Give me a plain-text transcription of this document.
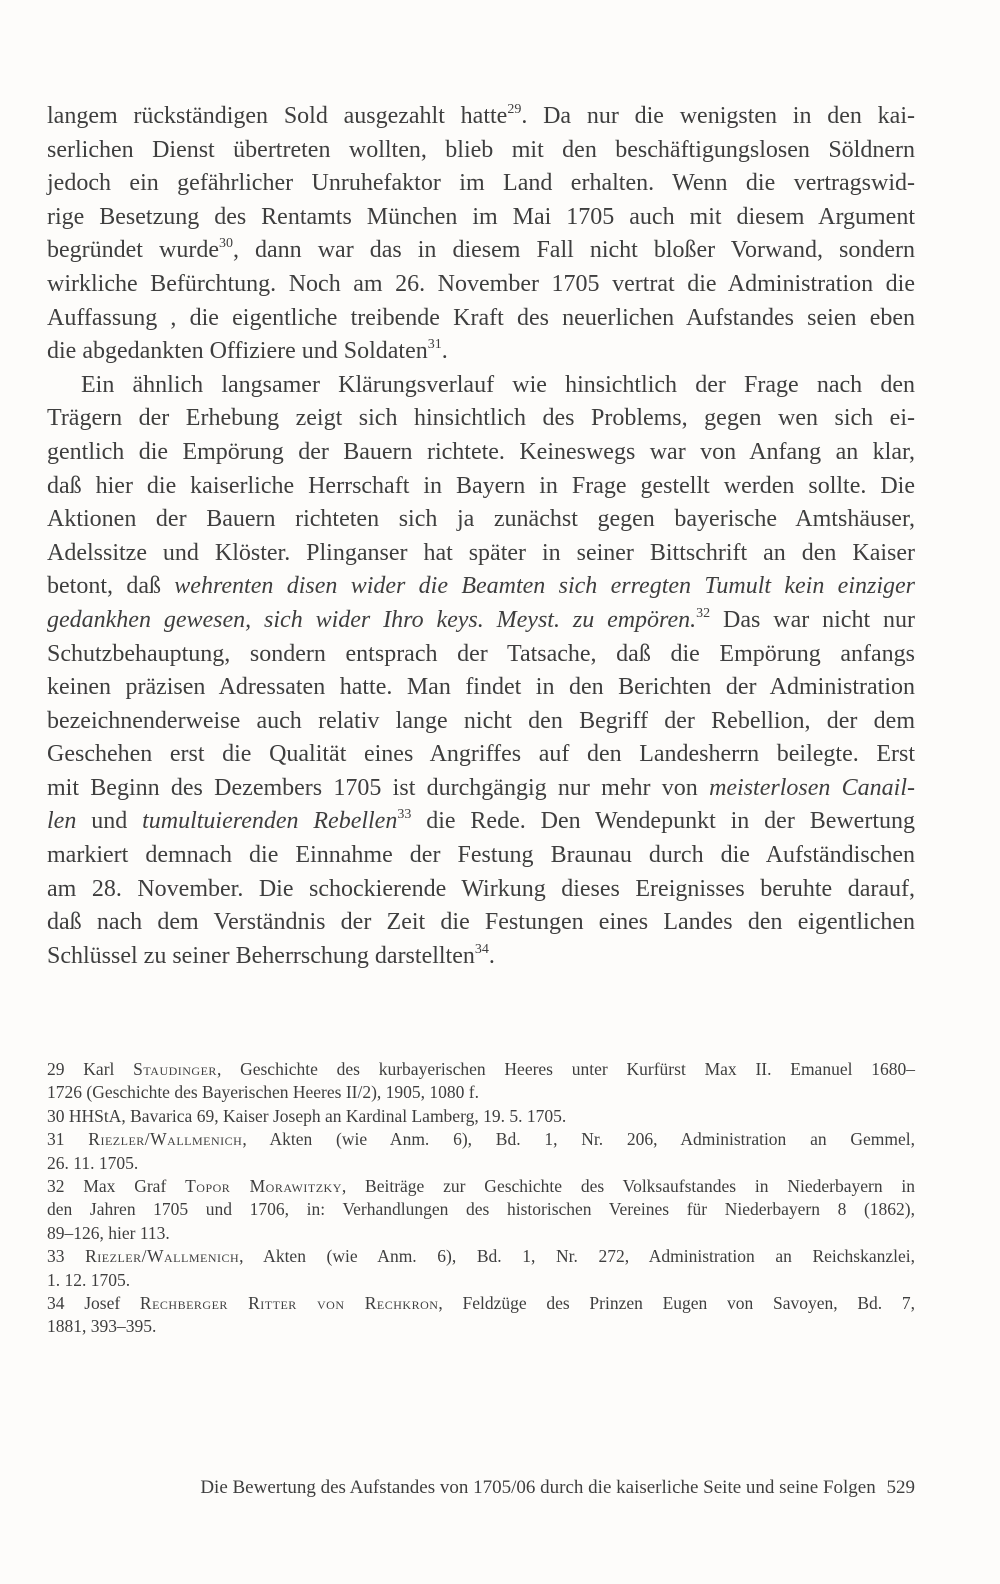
langem rückständigen Sold ausgezahlt hatte$^{29}$. Da nur die wenigsten in den kai-
serlichen Dienst übertreten wollten, blieb mit den beschäftigungslosen Söldnern
jedoch ein gefährlicher Unruhefaktor im Land erhalten. Wenn die vertragswid-
rige Besetzung des Rentamts München im Mai 1705 auch mit diesem Argument
begründet wurde$^{30}$, dann war das in diesem Fall nicht bloßer Vorwand, sondern
wirkliche Befürchtung. Noch am 26. November 1705 vertrat die Administration die
Auffassung , die eigentliche treibende Kraft des neuerlichen Aufstandes seien eben
die abgedankten Offiziere und Soldaten$^{31}$.
Ein ähnlich langsamer Klärungsverlauf wie hinsichtlich der Frage nach den
Trägern der Erhebung zeigt sich hinsichtlich des Problems, gegen wen sich ei-
gentlich die Empörung der Bauern richtete. Keineswegs war von Anfang an klar,
daß hier die kaiserliche Herrschaft in Bayern in Frage gestellt werden sollte. Die
Aktionen der Bauern richteten sich ja zunächst gegen bayerische Amtshäuser,
Adelssitze und Klöster. Plinganser hat später in seiner Bittschrift an den Kaiser
betont, daß wehrenten disen wider die Beamten sich erregten Tumult kein einziger
gedankhen gewesen, sich wider Ihro keys. Meyst. zu empören.$^{32}$ Das war nicht nur
Schutzbehauptung, sondern entsprach der Tatsache, daß die Empörung anfangs
keinen präzisen Adressaten hatte. Man findet in den Berichten der Administration
bezeichnenderweise auch relativ lange nicht den Begriff der Rebellion, der dem
Geschehen erst die Qualität eines Angriffes auf den Landesherrn beilegte. Erst
mit Beginn des Dezembers 1705 ist durchgängig nur mehr von meisterlosen Canail-
len und tumultuierenden Rebellen$^{33}$ die Rede. Den Wendepunkt in der Bewertung
markiert demnach die Einnahme der Festung Braunau durch die Aufständischen
am 28. November. Die schockierende Wirkung dieses Ereignisses beruhte darauf,
daß nach dem Verständnis der Zeit die Festungen eines Landes den eigentlichen
Schlüssel zu seiner Beherrschung darstellten$^{34}$.
29 Karl Staudinger, Geschichte des kurbayerischen Heeres unter Kurfürst Max II. Emanuel 1680–
1726 (Geschichte des Bayerischen Heeres II/2), 1905, 1080 f.
30 HHStA, Bavarica 69, Kaiser Joseph an Kardinal Lamberg, 19. 5. 1705.
31 Riezler/Wallmenich, Akten (wie Anm. 6), Bd. 1, Nr. 206, Administration an Gemmel,
26. 11. 1705.
32 Max Graf Topor Morawitzky, Beiträge zur Geschichte des Volksaufstandes in Niederbayern in
den Jahren 1705 und 1706, in: Verhandlungen des historischen Vereines für Niederbayern 8 (1862),
89–126, hier 113.
33 Riezler/Wallmenich, Akten (wie Anm. 6), Bd. 1, Nr. 272, Administration an Reichskanzlei,
1. 12. 1705.
34 Josef Rechberger Ritter von Rechkron, Feldzüge des Prinzen Eugen von Savoyen, Bd. 7,
1881, 393–395.
Die Bewertung des Aufstandes von 1705/06 durch die kaiserliche Seite und seine Folgen 529
